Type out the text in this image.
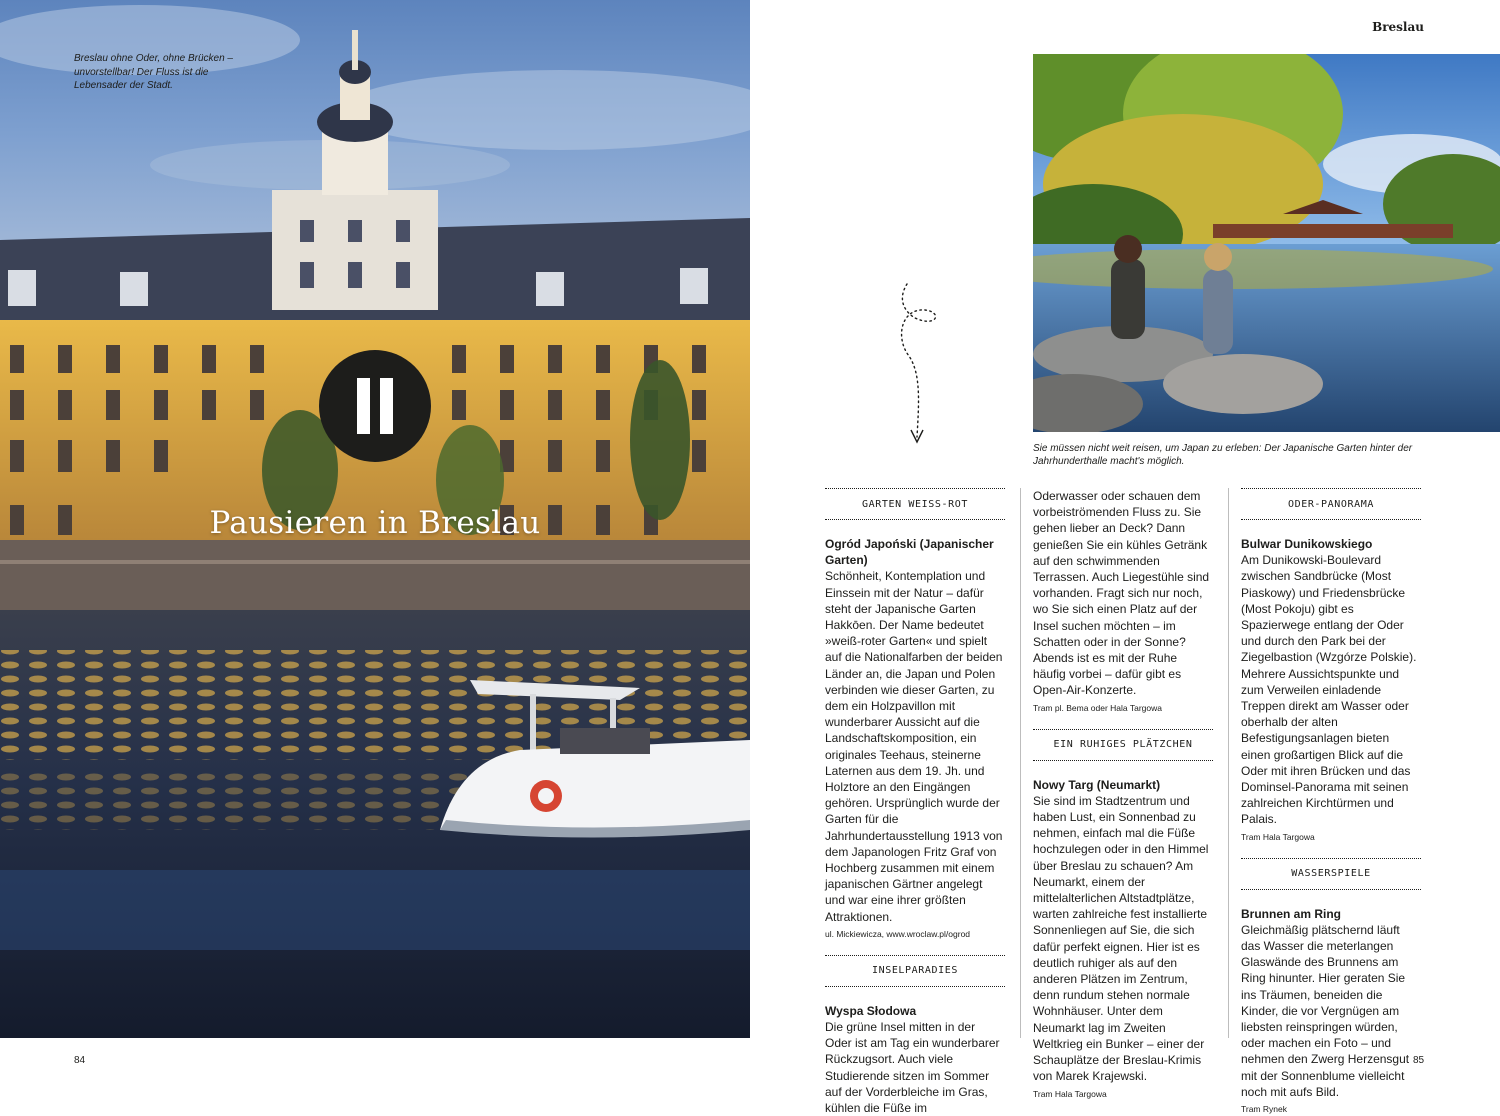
Breslau ohne Oder, ohne Brücken – unvorstellbar! Der Fluss ist die Lebensader der Stadt.
Pausieren in Breslau
84
Breslau
Sie müssen nicht weit reisen, um Japan zu erleben: Der Japanische Garten hinter der Jahrhunderthalle macht's möglich.
GARTEN WEISS-ROT
Ogród Japoński (Japanischer Garten)
Schönheit, Kontemplation und Einssein mit der Natur – dafür steht der Japanische Garten Hakkōen. Der Name bedeutet »weiß-roter Garten« und spielt auf die Nationalfarben der beiden Länder an, die Japan und Polen verbinden wie dieser Garten, zu dem ein Holzpavillon mit wunderbarer Aussicht auf die Landschaftskomposition, ein originales Teehaus, steinerne Laternen aus dem 19. Jh. und Holztore an den Eingängen gehören. Ursprünglich wurde der Garten für die Jahrhundertausstellung 1913 von dem Japanologen Fritz Graf von Hochberg zusammen mit einem japanischen Gärtner angelegt und war eine ihrer größten Attraktionen.
ul. Mickiewicza, www.wroclaw.pl/ogrod
INSELPARADIES
Wyspa Słodowa
Die grüne Insel mitten in der Oder ist am Tag ein wunderbarer Rückzugsort. Auch viele Studierende sitzen im Sommer auf der Vorderbleiche im Gras, kühlen die Füße im
Oderwasser oder schauen dem vorbeiströmenden Fluss zu. Sie gehen lieber an Deck? Dann genießen Sie ein kühles Getränk auf den schwimmenden Terrassen. Auch Liegestühle sind vorhanden. Fragt sich nur noch, wo Sie sich einen Platz auf der Insel suchen möchten – im Schatten oder in der Sonne? Abends ist es mit der Ruhe häufig vorbei – dafür gibt es Open-Air-Konzerte.
Tram pl. Bema oder Hala Targowa
EIN RUHIGES PLÄTZCHEN
Nowy Targ (Neumarkt)
Sie sind im Stadtzentrum und haben Lust, ein Sonnenbad zu nehmen, einfach mal die Füße hochzulegen oder in den Himmel über Breslau zu schauen? Am Neumarkt, einem der mittelalterlichen Altstadtplätze, warten zahlreiche fest installierte Sonnenliegen auf Sie, die sich dafür perfekt eignen. Hier ist es deutlich ruhiger als auf den anderen Plätzen im Zentrum, denn rundum stehen normale Wohnhäuser. Unter dem Neumarkt lag im Zweiten Weltkrieg ein Bunker – einer der Schauplätze der Breslau-Krimis von Marek Krajewski.
Tram Hala Targowa
ODER-PANORAMA
Bulwar Dunikowskiego
Am Dunikowski-Boulevard zwischen Sandbrücke (Most Piaskowy) und Friedensbrücke (Most Pokoju) gibt es Spazierwege entlang der Oder und durch den Park bei der Ziegelbastion (Wzgórze Polskie). Mehrere Aussichtspunkte und zum Verweilen einladende Treppen direkt am Wasser oder oberhalb der alten Befestigungsanlagen bieten einen großartigen Blick auf die Oder mit ihren Brücken und das Dominsel-Panorama mit seinen zahlreichen Kirchtürmen und Palais.
Tram Hala Targowa
WASSERSPIELE
Brunnen am Ring
Gleichmäßig plätschernd läuft das Wasser die meterlangen Glaswände des Brunnens am Ring hinunter. Hier geraten Sie ins Träumen, beneiden die Kinder, die vor Vergnügen am liebsten reinspringen würden, oder machen ein Foto – und nehmen den Zwerg Herzensgut mit der Sonnenblume vielleicht noch mit aufs Bild.
Tram Rynek
85
